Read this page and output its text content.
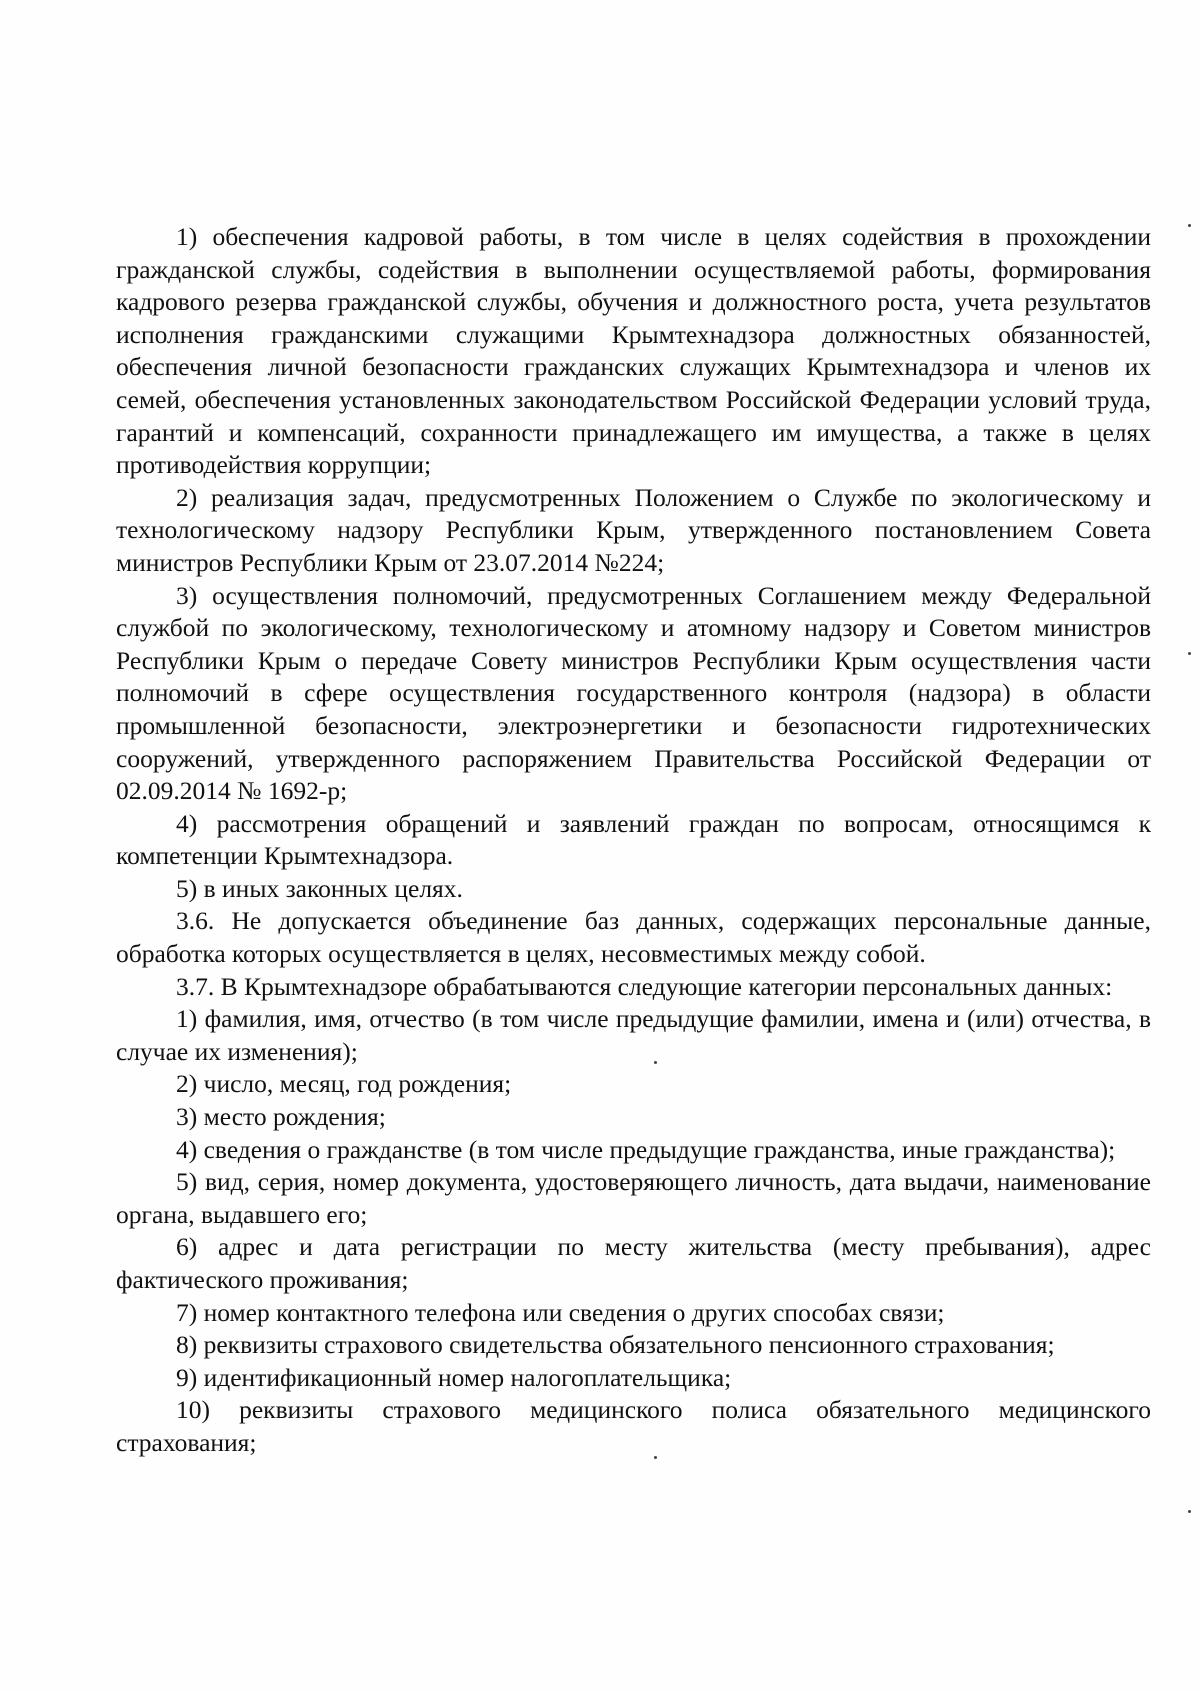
1) обеспечения кадровой работы, в том числе в целях содействия в прохождении гражданской службы, содействия в выполнении осуществляемой работы, формирования кадрового резерва гражданской службы, обучения и должностного роста, учета результатов исполнения гражданскими служащими Крымтехнадзора должностных обязанностей, обеспечения личной безопасности гражданских служащих Крымтехнадзора и членов их семей, обеспечения установленных законодательством Российской Федерации условий труда, гарантий и компенсаций, сохранности принадлежащего им имущества, а также в целях противодействия коррупции;

2) реализация задач, предусмотренных Положением о Службе по экологическому и технологическому надзору Республики Крым, утвержденного постановлением Совета министров Республики Крым от 23.07.2014 №224;

3) осуществления полномочий, предусмотренных Соглашением между Федеральной службой по экологическому, технологическому и атомному надзору и Советом министров Республики Крым о передаче Совету министров Республики Крым осуществления части полномочий в сфере осуществления государственного контроля (надзора) в области промышленной безопасности, электроэнергетики и безопасности гидротехнических сооружений, утвержденного распоряжением Правительства Российской Федерации от 02.09.2014 № 1692-р;

4) рассмотрения обращений и заявлений граждан по вопросам, относящимся к компетенции Крымтехнадзора.

5) в иных законных целях.

3.6. Не допускается объединение баз данных, содержащих персональные данные, обработка которых осуществляется в целях, несовместимых между собой.

3.7. В Крымтехнадзоре обрабатываются следующие категории персональных данных:

1) фамилия, имя, отчество (в том числе предыдущие фамилии, имена и (или) отчества, в случае их изменения);

2) число, месяц, год рождения;

3) место рождения;

4) сведения о гражданстве (в том числе предыдущие гражданства, иные гражданства);

5) вид, серия, номер документа, удостоверяющего личность, дата выдачи, наименование органа, выдавшего его;

6) адрес и дата регистрации по месту жительства (месту пребывания), адрес фактического проживания;

7) номер контактного телефона или сведения о других способах связи;

8) реквизиты страхового свидетельства обязательного пенсионного страхования;

9) идентификационный номер налогоплательщика;

10) реквизиты страхового медицинского полиса обязательного медицинского страхования;
